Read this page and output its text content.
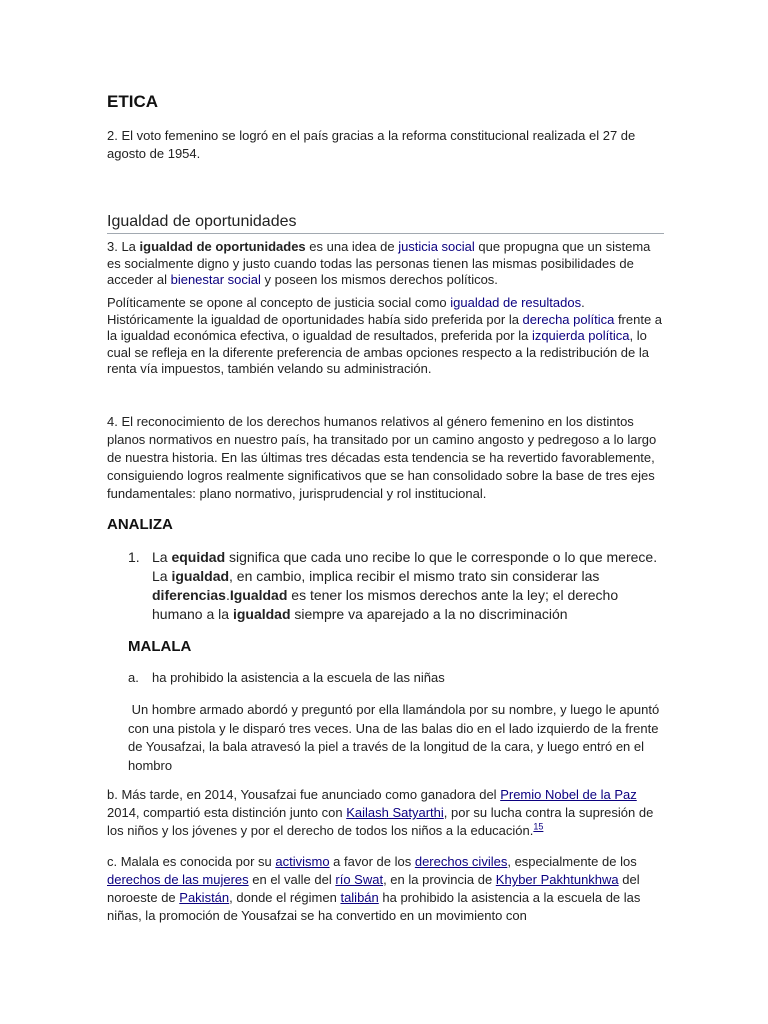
ETICA

2. El voto femenino se logró en el país gracias a la reforma constitucional realizada el 27 de agosto de 1954.

Igualdad de oportunidades

3. La igualdad de oportunidades es una idea de justicia social que propugna que un sistema es socialmente digno y justo cuando todas las personas tienen las mismas posibilidades de acceder al bienestar social y poseen los mismos derechos políticos.

Políticamente se opone al concepto de justicia social como igualdad de resultados. Históricamente la igualdad de oportunidades había sido preferida por la derecha política frente a la igualdad económica efectiva, o igualdad de resultados, preferida por la izquierda política, lo cual se refleja en la diferente preferencia de ambas opciones respecto a la redistribución de la renta vía impuestos, también velando su administración.

4. El reconocimiento de los derechos humanos relativos al género femenino en los distintos planos normativos en nuestro país, ha transitado por un camino angosto y pedregoso a lo largo de nuestra historia. En las últimas tres décadas esta tendencia se ha revertido favorablemente, consiguiendo logros realmente significativos que se han consolidado sobre la base de tres ejes fundamentales: plano normativo, jurisprudencial y rol institucional.

ANALIZA
1. La equidad significa que cada uno recibe lo que le corresponde o lo que merece. La igualdad, en cambio, implica recibir el mismo trato sin considerar las diferencias.Igualdad es tener los mismos derechos ante la ley; el derecho humano a la igualdad siempre va aparejado a la no discriminación
MALALA
a. ha prohibido la asistencia a la escuela de las niñas

Un hombre armado abordó y preguntó por ella llamándola por su nombre, y luego le apuntó con una pistola y le disparó tres veces. Una de las balas dio en el lado izquierdo de la frente de Yousafzai, la bala atravesó la piel a través de la longitud de la cara, y luego entró en el hombro

b. Más tarde, en 2014, Yousafzai fue anunciado como ganadora del Premio Nobel de la Paz 2014, compartió esta distinción junto con Kailash Satyarthi, por su lucha contra la supresión de los niños y los jóvenes y por el derecho de todos los niños a la educación.$^{15}$

c. Malala es conocida por su activismo a favor de los derechos civiles, especialmente de los derechos de las mujeres en el valle del río Swat, en la provincia de Khyber Pakhtunkhwa del noroeste de Pakistán, donde el régimen talibán ha prohibido la asistencia a la escuela de las niñas, la promoción de Yousafzai se ha convertido en un movimiento con
